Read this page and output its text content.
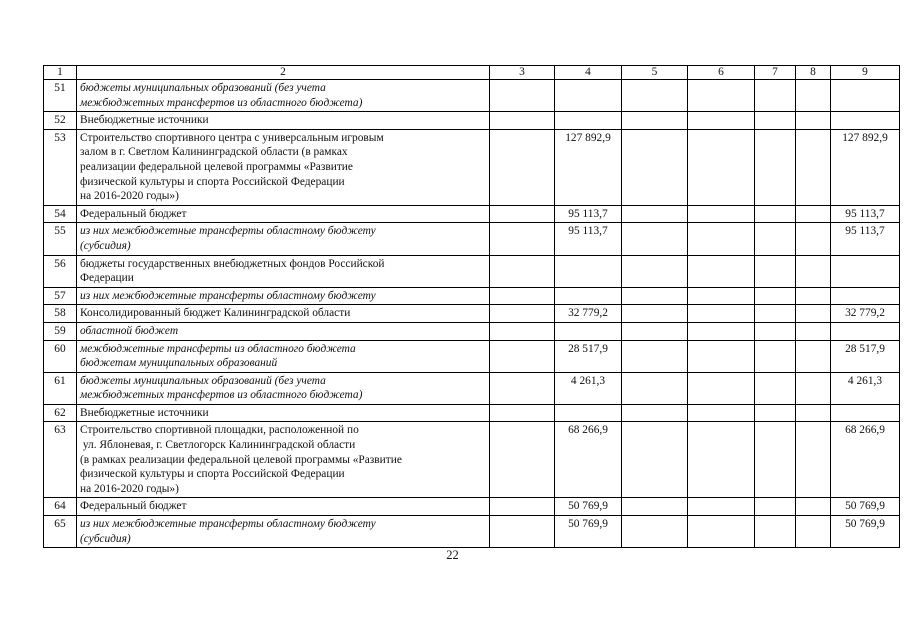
1	2	3	4	5	6	7	8	9
51	бюджеты муниципальных образований (без учета
межбюджетных трансфертов из областного бюджета)							

52	Внебюджетные источники							

53	Строительство спортивного центра с универсальным игровым
залом в г. Светлом Калининградской области (в рамках
реализации федеральной целевой программы «Развитие
физической культуры и спорта Российской Федерации
на 2016-2020 годы»)		127 892,9					127 892,9
54	Федеральный бюджет		95 113,7					95 113,7
55	из них межбюджетные трансферты областному бюджету
(субсидия)		95 113,7					95 113,7
56	бюджеты государственных внебюджетных фондов Российской
Федерации							

57	из них межбюджетные трансферты областному бюджету							

58	Консолидированный бюджет Калининградской области		32 779,2					32 779,2
59	областной бюджет							

60	межбюджетные трансферты из областного бюджета
бюджетам муниципальных образований		28 517,9					28 517,9
61	бюджеты муниципальных образований (без учета
межбюджетных трансфертов из областного бюджета)		4 261,3					4 261,3
62	Внебюджетные источники							

63	Строительство спортивной площадки, расположенной по
ул. Яблоневая, г. Светлогорск Калининградской области
(в рамках реализации федеральной целевой программы «Развитие
физической культуры и спорта Российской Федерации
на 2016-2020 годы»)		68 266,9					68 266,9
64	Федеральный бюджет		50 769,9					50 769,9
65	из них межбюджетные трансферты областному бюджету
(субсидия)		50 769,9					50 769,9
22
